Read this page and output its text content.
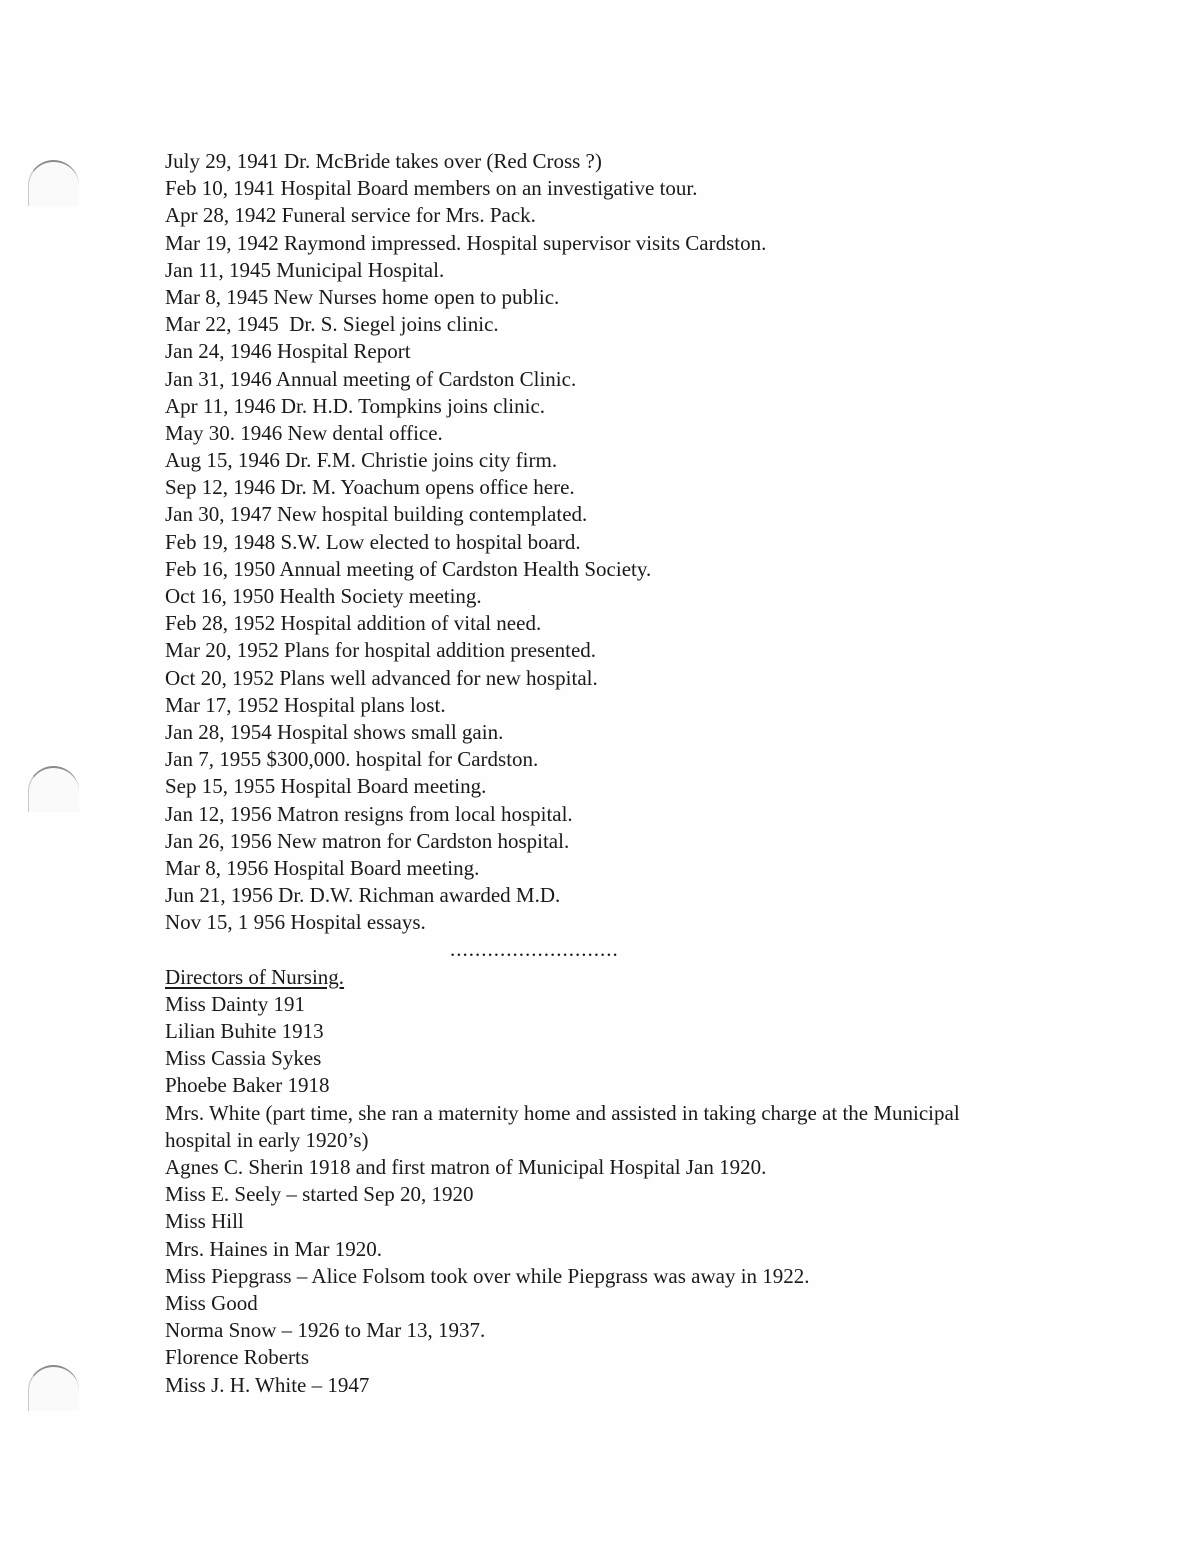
July 29, 1941 Dr. McBride takes over (Red Cross ?)
Feb 10, 1941 Hospital Board members on an investigative tour.
Apr 28, 1942 Funeral service for Mrs. Pack.
Mar 19, 1942 Raymond impressed. Hospital supervisor visits Cardston.
Jan 11, 1945 Municipal Hospital.
Mar 8, 1945 New Nurses home open to public.
Mar 22, 1945  Dr. S. Siegel joins clinic.
Jan 24, 1946 Hospital Report
Jan 31, 1946 Annual meeting of Cardston Clinic.
Apr 11, 1946 Dr. H.D. Tompkins joins clinic.
May 30. 1946 New dental office.
Aug 15, 1946 Dr. F.M. Christie joins city firm.
Sep 12, 1946 Dr. M. Yoachum opens office here.
Jan 30, 1947 New hospital building contemplated.
Feb 19, 1948 S.W. Low elected to hospital board.
Feb 16, 1950 Annual meeting of Cardston Health Society.
Oct 16, 1950 Health Society meeting.
Feb 28, 1952 Hospital addition of vital need.
Mar 20, 1952 Plans for hospital addition presented.
Oct 20, 1952 Plans well advanced for new hospital.
Mar 17, 1952 Hospital plans lost.
Jan 28, 1954 Hospital shows small gain.
Jan 7, 1955 $300,000. hospital for Cardston.
Sep 15, 1955 Hospital Board meeting.
Jan 12, 1956 Matron resigns from local hospital.
Jan 26, 1956 New matron for Cardston hospital.
Mar 8, 1956 Hospital Board meeting.
Jun 21, 1956 Dr. D.W. Richman awarded M.D.
Nov 15, 1 956 Hospital essays.
...........................
Directors of Nursing.
Miss Dainty 191
Lilian Buhite 1913
Miss Cassia Sykes
Phoebe Baker 1918
Mrs. White (part time, she ran a maternity home and assisted in taking charge at the Municipal hospital in early 1920’s)
Agnes C. Sherin 1918 and first matron of Municipal Hospital Jan 1920.
Miss E. Seely – started Sep 20, 1920
Miss Hill
Mrs. Haines in Mar 1920.
Miss Piepgrass – Alice Folsom took over while Piepgrass was away in 1922.
Miss Good
Norma Snow – 1926 to Mar 13, 1937.
Florence Roberts
Miss J. H. White – 1947
